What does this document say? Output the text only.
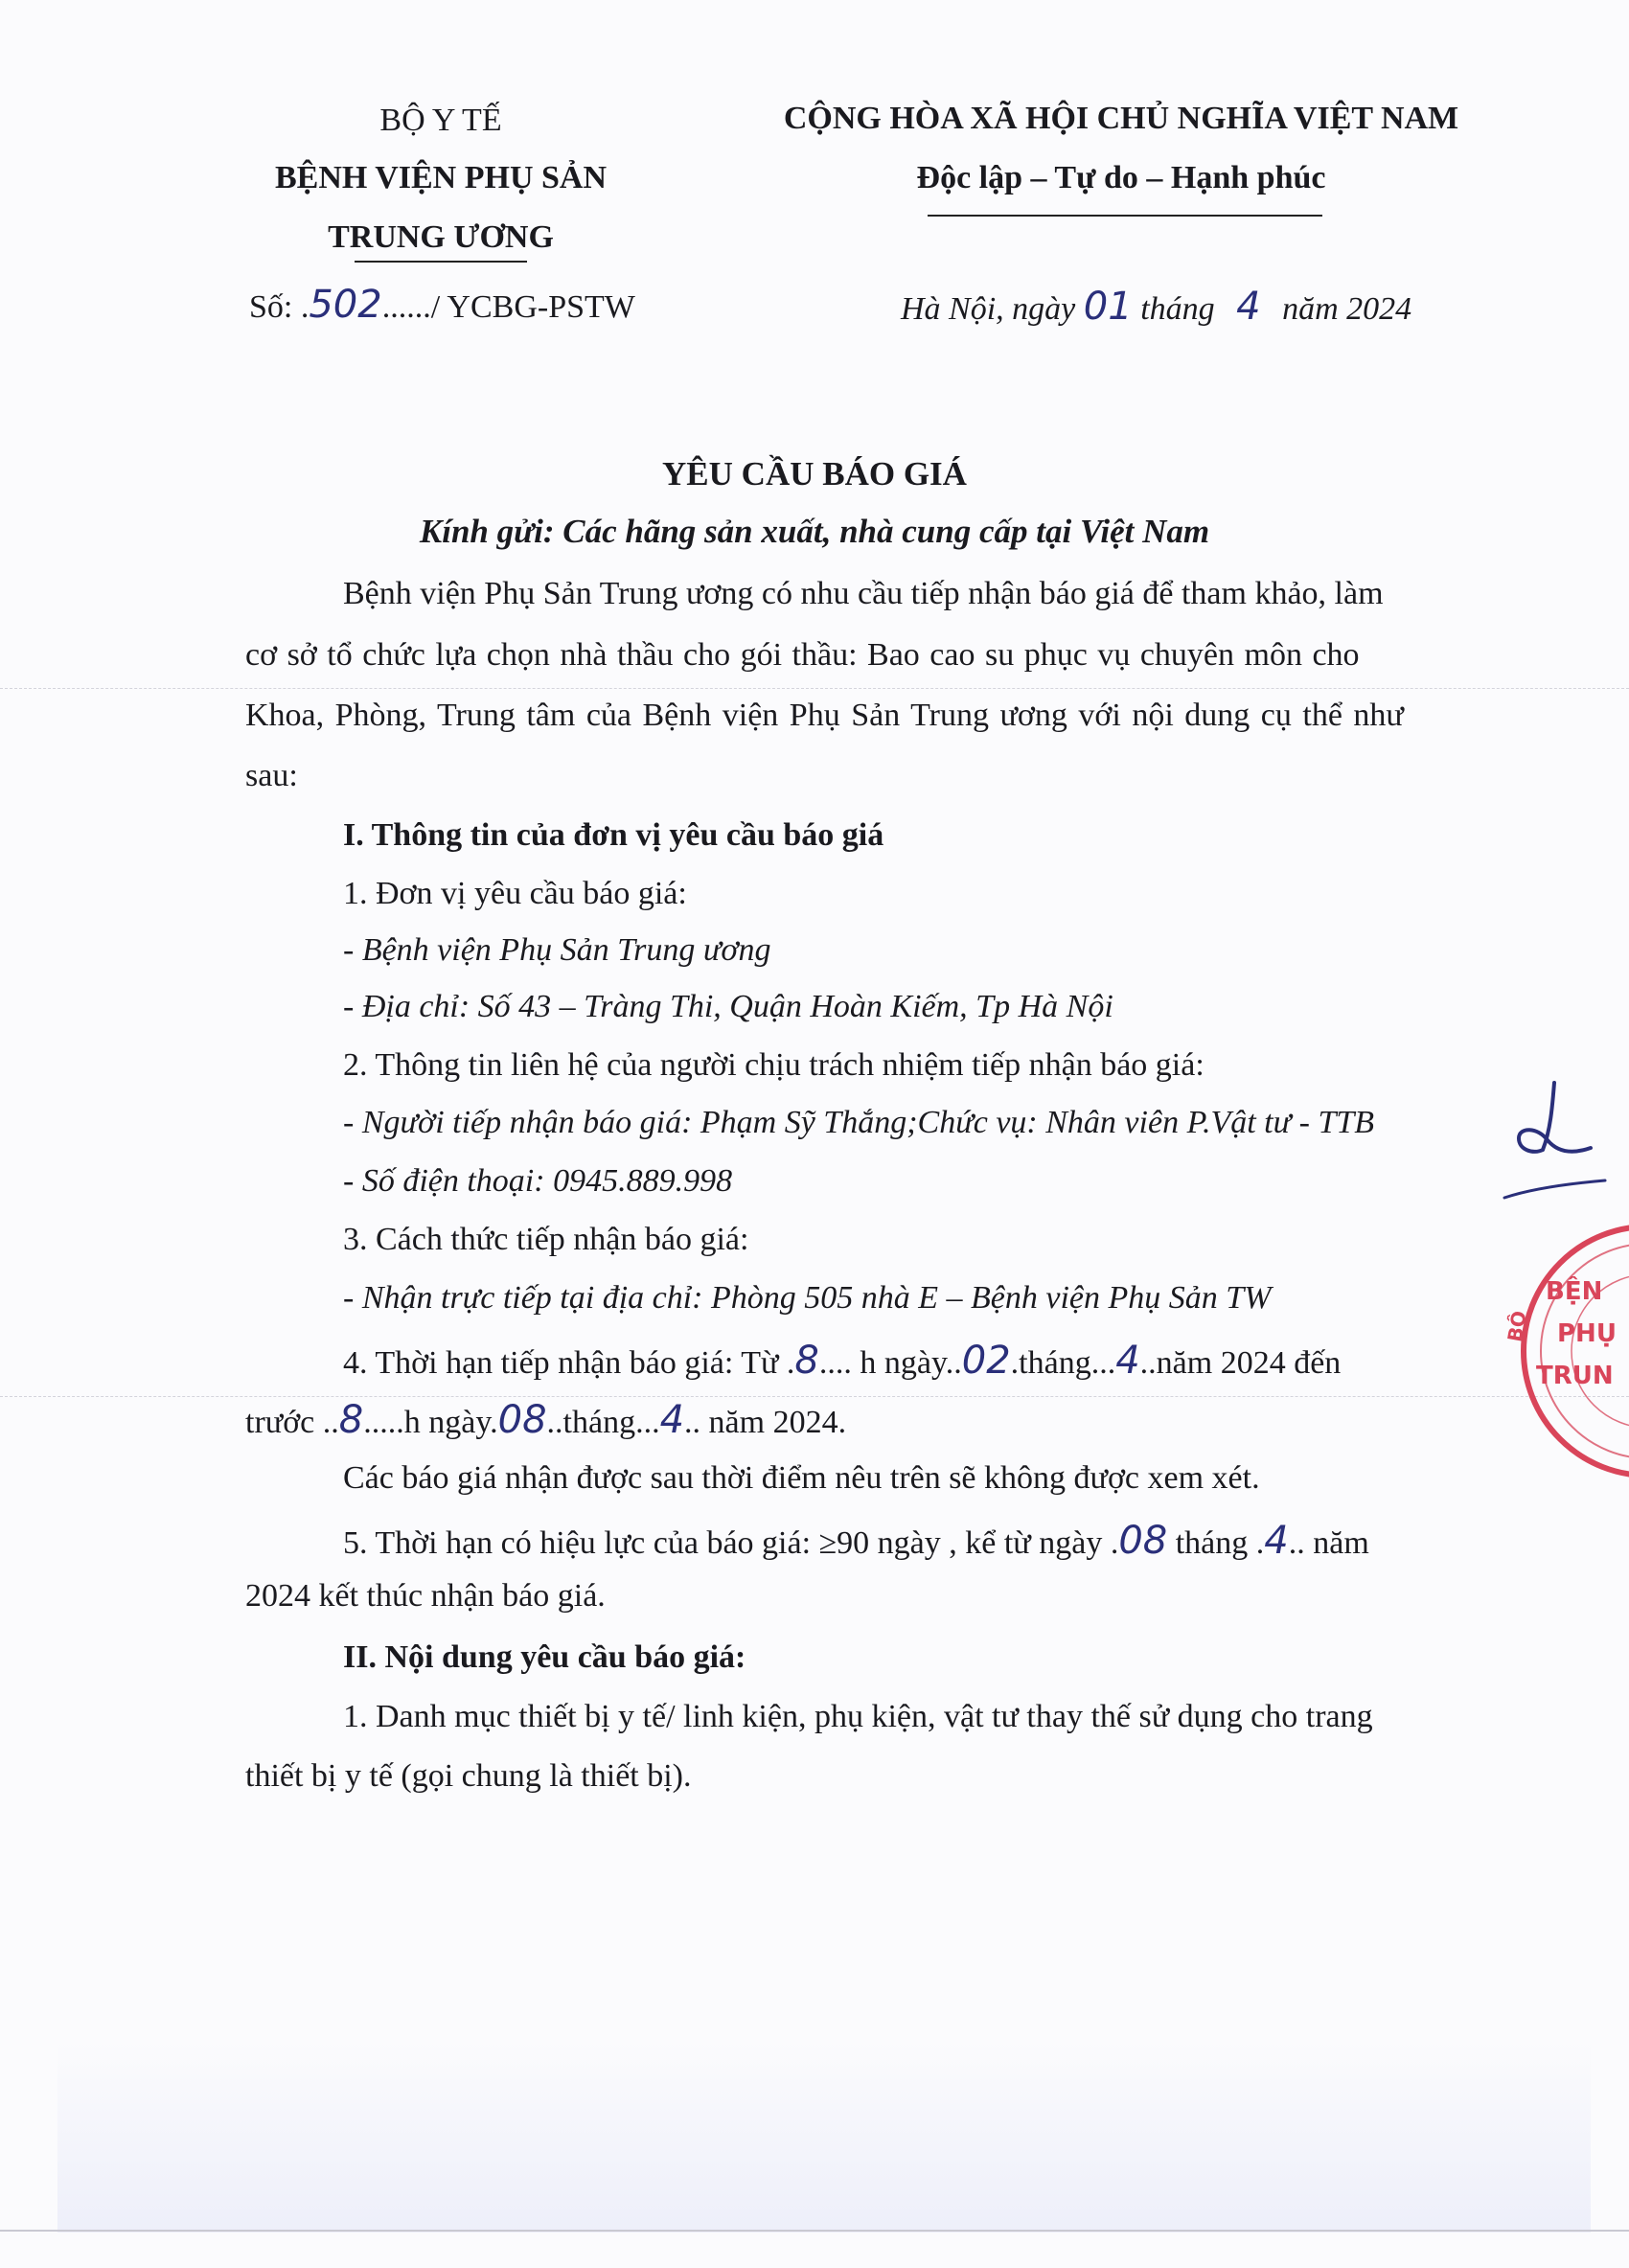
BỘ Y TẾ
BỆNH VIỆN PHỤ SẢN
TRUNG ƯƠNG
Số: .502....../ YCBG-PSTW
CỘNG HÒA XÃ HỘI CHỦ NGHĨA VIỆT NAM
Độc lập – Tự do – Hạnh phúc
Hà Nội, ngày 01 tháng 4 năm 2024
YÊU CẦU BÁO GIÁ
Kính gửi: Các hãng sản xuất, nhà cung cấp tại Việt Nam
Bệnh viện Phụ Sản Trung ương có nhu cầu tiếp nhận báo giá để tham khảo, làm
cơ sở tổ chức lựa chọn nhà thầu cho gói thầu: Bao cao su phục vụ chuyên môn cho
Khoa, Phòng, Trung tâm của Bệnh viện Phụ Sản Trung ương với nội dung cụ thể như
sau:
I. Thông tin của đơn vị yêu cầu báo giá
1. Đơn vị yêu cầu báo giá:
- Bệnh viện Phụ Sản Trung ương
- Địa chỉ: Số 43 – Tràng Thi, Quận Hoàn Kiếm, Tp Hà Nội
2. Thông tin liên hệ của người chịu trách nhiệm tiếp nhận báo giá:
- Người tiếp nhận báo giá: Phạm Sỹ Thắng;Chức vụ: Nhân viên P.Vật tư - TTB
- Số điện thoại: 0945.889.998
3. Cách thức tiếp nhận báo giá:
- Nhận trực tiếp tại địa chỉ: Phòng 505 nhà E – Bệnh viện Phụ Sản TW
4. Thời hạn tiếp nhận báo giá: Từ .8.... h ngày..02.tháng...4..năm 2024 đến
trước ..8.....h ngày.08..tháng...4.. năm 2024.
Các báo giá nhận được sau thời điểm nêu trên sẽ không được xem xét.
5. Thời hạn có hiệu lực của báo giá: ≥90 ngày , kể từ ngày .08 tháng .4.. năm
2024 kết thúc nhận báo giá.
II. Nội dung yêu cầu báo giá:
1. Danh mục thiết bị y tế/ linh kiện, phụ kiện, vật tư thay thế sử dụng cho trang
thiết bị y tế (gọi chung là thiết bị).
BỆN
PHỤ
TRUN
BỘ
